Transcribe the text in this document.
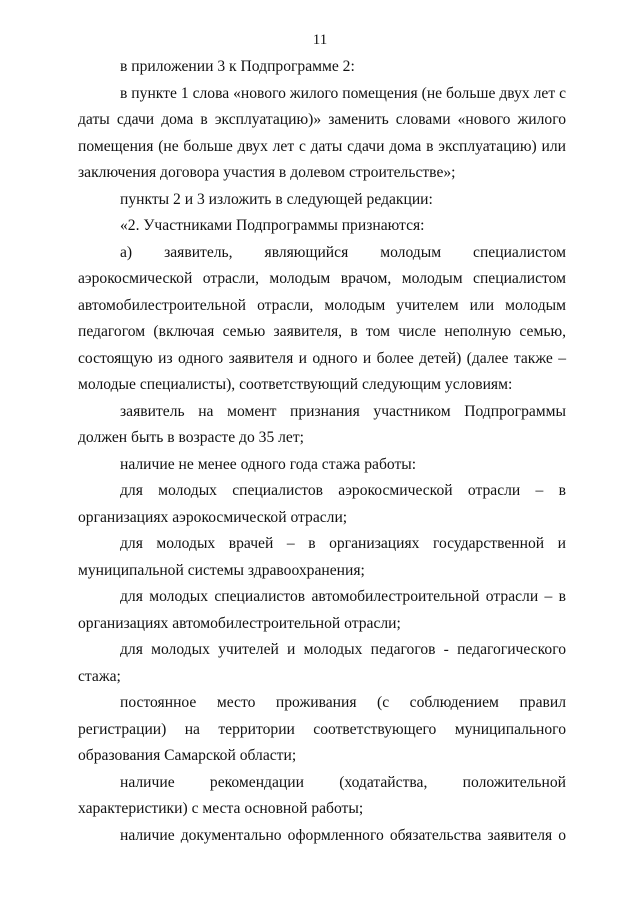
11

в приложении 3 к Подпрограмме 2:

в пункте 1 слова «нового жилого помещения (не больше двух лет с даты сдачи дома в эксплуатацию)» заменить словами «нового жилого помещения (не больше двух лет с даты сдачи дома в эксплуатацию) или заключения договора участия в долевом строительстве»;

пункты 2 и 3 изложить в следующей редакции:

«2. Участниками Подпрограммы признаются:

а) заявитель, являющийся молодым специалистом аэрокосмической отрасли, молодым врачом, молодым специалистом автомобилестроительной отрасли, молодым учителем или молодым педагогом (включая семью заявителя, в том числе неполную семью, состоящую из одного заявителя и одного и более детей) (далее также – молодые специалисты), соответствующий следующим условиям:

заявитель на момент признания участником Подпрограммы должен быть в возрасте до 35 лет;

наличие не менее одного года стажа работы:

для молодых специалистов аэрокосмической отрасли – в организациях аэрокосмической отрасли;

для молодых врачей – в организациях государственной и муниципальной системы здравоохранения;

для молодых специалистов автомобилестроительной отрасли – в организациях автомобилестроительной отрасли;

для молодых учителей и молодых педагогов - педагогического стажа;

постоянное место проживания (с соблюдением правил регистрации) на территории соответствующего муниципального образования Самарской области;

наличие рекомендации (ходатайства, положительной характеристики) с места основной работы;

наличие документально оформленного обязательства заявителя о
